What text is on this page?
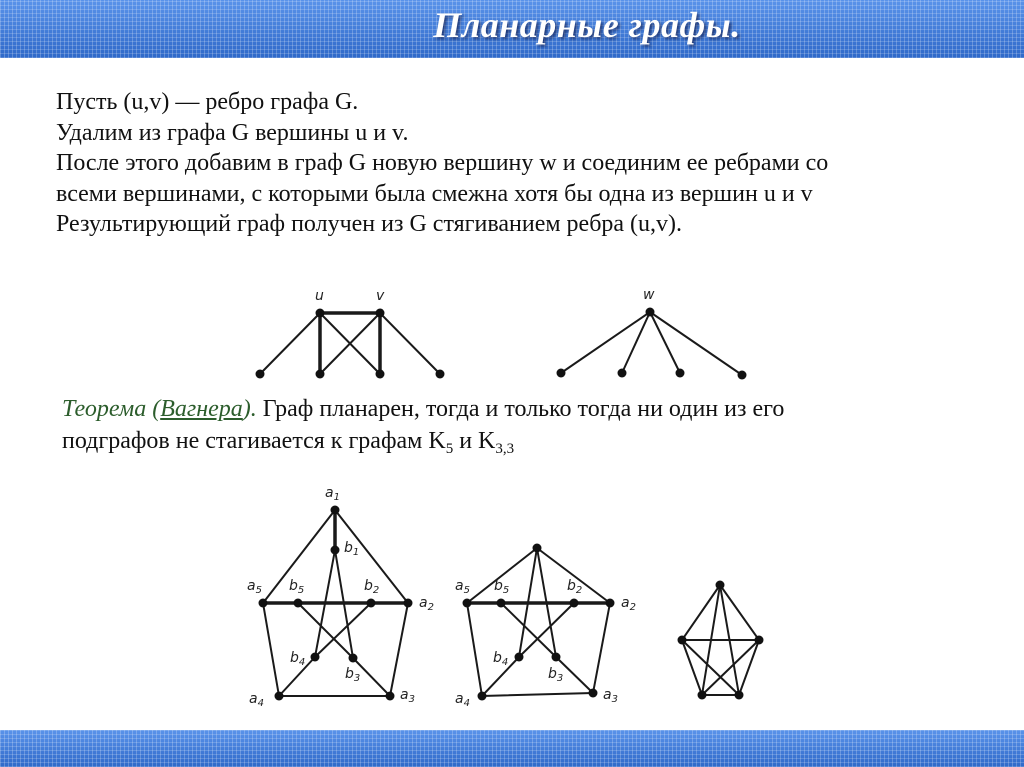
Планарные графы.
Пусть (u,v) — ребро графа G.
Удалим из графа G вершины u и v.
После этого добавим в граф G новую вершину w и соединим ее ребрами со
всеми вершинами, с которыми была смежна хотя бы одна из вершин u и v
Результирующий граф получен из G стягиванием ребра (u,v).
Теорема (Вагнера). Граф планарен, тогда и только тогда ни один из его
подграфов не стагивается к графам $K_5$ и $K_{3,3}$
u	v	w
$a_1$
$a_2$
$a_3$
$a_4$
$a_5$
$b_1$
$b_2$
$b_3$
$b_4$
$b_5$
$a_2$
$a_3$
$a_4$
$a_5$	$b_2$
$b_3$
$b_4$
$b_5$
